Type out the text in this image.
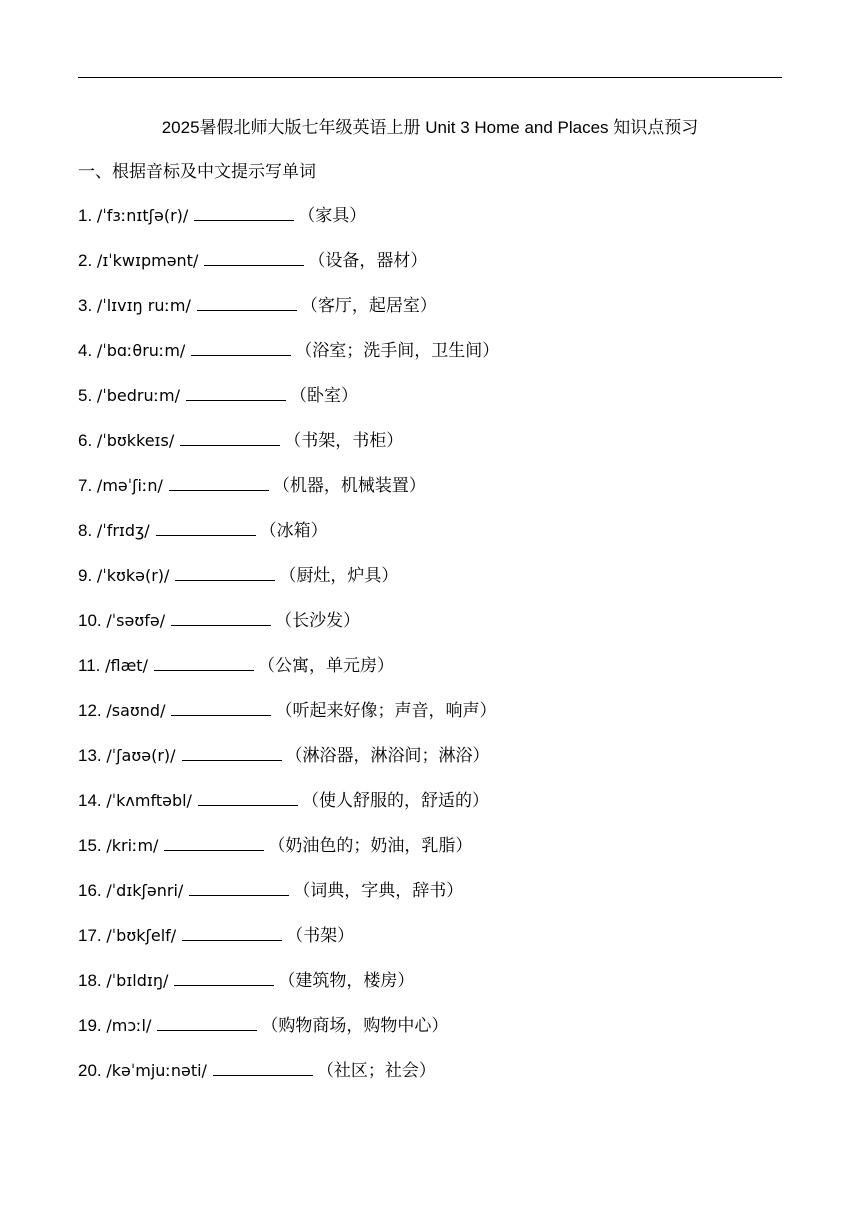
2025暑假北师大版七年级英语上册 Unit 3 Home and Places 知识点预习
一、根据音标及中文提示写单词
1. /ˈfɜːnɪtʃə(r)/	（家具）
2. /ɪˈkwɪpmənt/	（设备，器材）
3. /ˈlɪvɪŋ ruːm/	（客厅，起居室）
4. /ˈbɑːθruːm/	（浴室；洗手间，卫生间）
5. /ˈbedruːm/	（卧室）
6. /ˈbʊkkeɪs/	（书架，书柜）
7. /məˈʃiːn/	（机器，机械装置）
8. /ˈfrɪdʒ/	（冰箱）
9. /ˈkʊkə(r)/	（厨灶，炉具）
10. /ˈsəʊfə/	（长沙发）
11. /flæt/	（公寓，单元房）
12. /saʊnd/	（听起来好像；声音，响声）
13. /ˈʃaʊə(r)/	（淋浴器，淋浴间；淋浴）
14. /ˈkʌmftəbl/	（使人舒服的，舒适的）
15. /kriːm/	（奶油色的；奶油，乳脂）
16. /ˈdɪkʃənri/	（词典，字典，辞书）
17. /ˈbʊkʃelf/	（书架）
18. /ˈbɪldɪŋ/	（建筑物，楼房）
19. /mɔːl/	（购物商场，购物中心）
20. /kəˈmjuːnəti/	（社区；社会）
